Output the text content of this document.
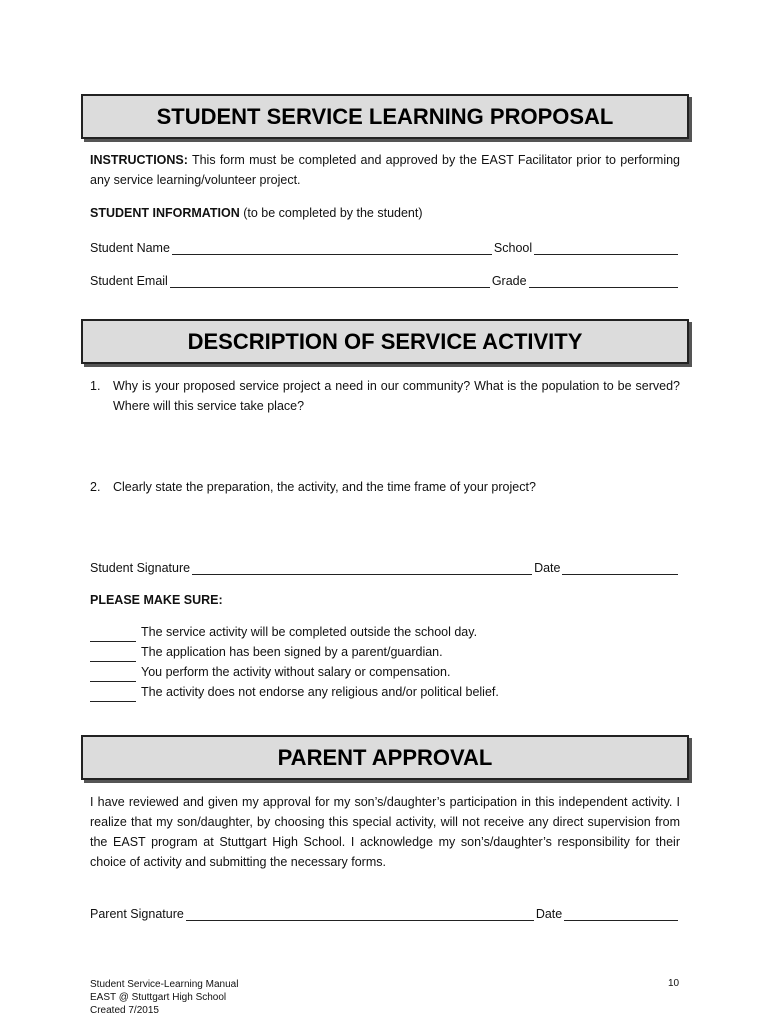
STUDENT SERVICE LEARNING PROPOSAL
INSTRUCTIONS: This form must be completed and approved by the EAST Facilitator prior to performing any service learning/volunteer project.
STUDENT INFORMATION (to be completed by the student)
Student Name	School
Student Email	Grade
DESCRIPTION OF SERVICE ACTIVITY
1.	Why is your proposed service project a need in our community? What is the population to be served? Where will this service take place?
2.	Clearly state the preparation, the activity, and the time frame of your project?
Student Signature	Date
PLEASE MAKE SURE:
The service activity will be completed outside the school day.
The application has been signed by a parent/guardian.
You perform the activity without salary or compensation.
The activity does not endorse any religious and/or political belief.
PARENT APPROVAL
I have reviewed and given my approval for my son’s/daughter’s participation in this independent activity. I realize that my son/daughter, by choosing this special activity, will not receive any direct supervision from the EAST program at Stuttgart High School. I acknowledge my son’s/daughter’s responsibility for their choice of activity and submitting the necessary forms.
Parent Signature	Date
Student Service-Learning Manual
EAST @ Stuttgart High School
Created 7/2015
10
